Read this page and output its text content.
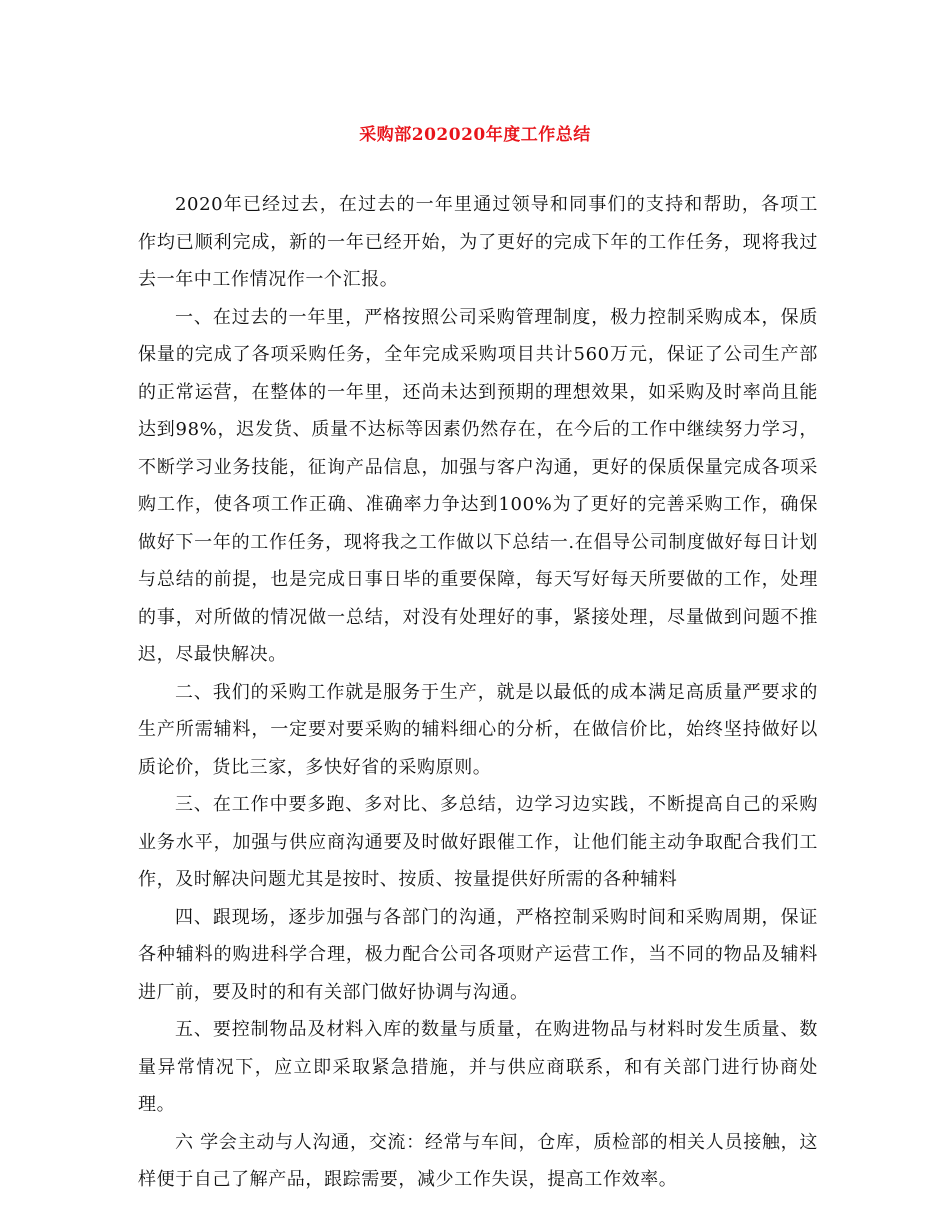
采购部202020年度工作总结

2020年已经过去，在过去的一年里通过领导和同事们的支持和帮助，各项工作均已顺利完成，新的一年已经开始，为了更好的完成下年的工作任务，现将我过去一年中工作情况作一个汇报。

一、在过去的一年里，严格按照公司采购管理制度，极力控制采购成本，保质保量的完成了各项采购任务，全年完成采购项目共计560万元，保证了公司生产部的正常运营，在整体的一年里，还尚未达到预期的理想效果，如采购及时率尚且能达到98%，迟发货、质量不达标等因素仍然存在，在今后的工作中继续努力学习，不断学习业务技能，征询产品信息，加强与客户沟通，更好的保质保量完成各项采购工作，使各项工作正确、准确率力争达到100%为了更好的完善采购工作，确保做好下一年的工作任务，现将我之工作做以下总结一.在倡导公司制度做好每日计划与总结的前提，也是完成日事日毕的重要保障，每天写好每天所要做的工作，处理的事，对所做的情况做一总结，对没有处理好的事，紧接处理，尽量做到问题不推迟，尽最快解决。

二、我们的采购工作就是服务于生产，就是以最低的成本满足高质量严要求的生产所需辅料，一定要对要采购的辅料细心的分析，在做信价比，始终坚持做好以质论价，货比三家，多快好省的采购原则。

三、在工作中要多跑、多对比、多总结，边学习边实践，不断提高自己的采购业务水平，加强与供应商沟通要及时做好跟催工作，让他们能主动争取配合我们工作，及时解决问题尤其是按时、按质、按量提供好所需的各种辅料

四、跟现场，逐步加强与各部门的沟通，严格控制采购时间和采购周期，保证各种辅料的购进科学合理，极力配合公司各项财产运营工作，当不同的物品及辅料进厂前，要及时的和有关部门做好协调与沟通。

五、要控制物品及材料入库的数量与质量，在购进物品与材料时发生质量、数量异常情况下，应立即采取紧急措施，并与供应商联系，和有关部门进行协商处理。

六 学会主动与人沟通，交流：经常与车间，仓库，质检部的相关人员接触，这样便于自己了解产品，跟踪需要，减少工作失误，提高工作效率。
